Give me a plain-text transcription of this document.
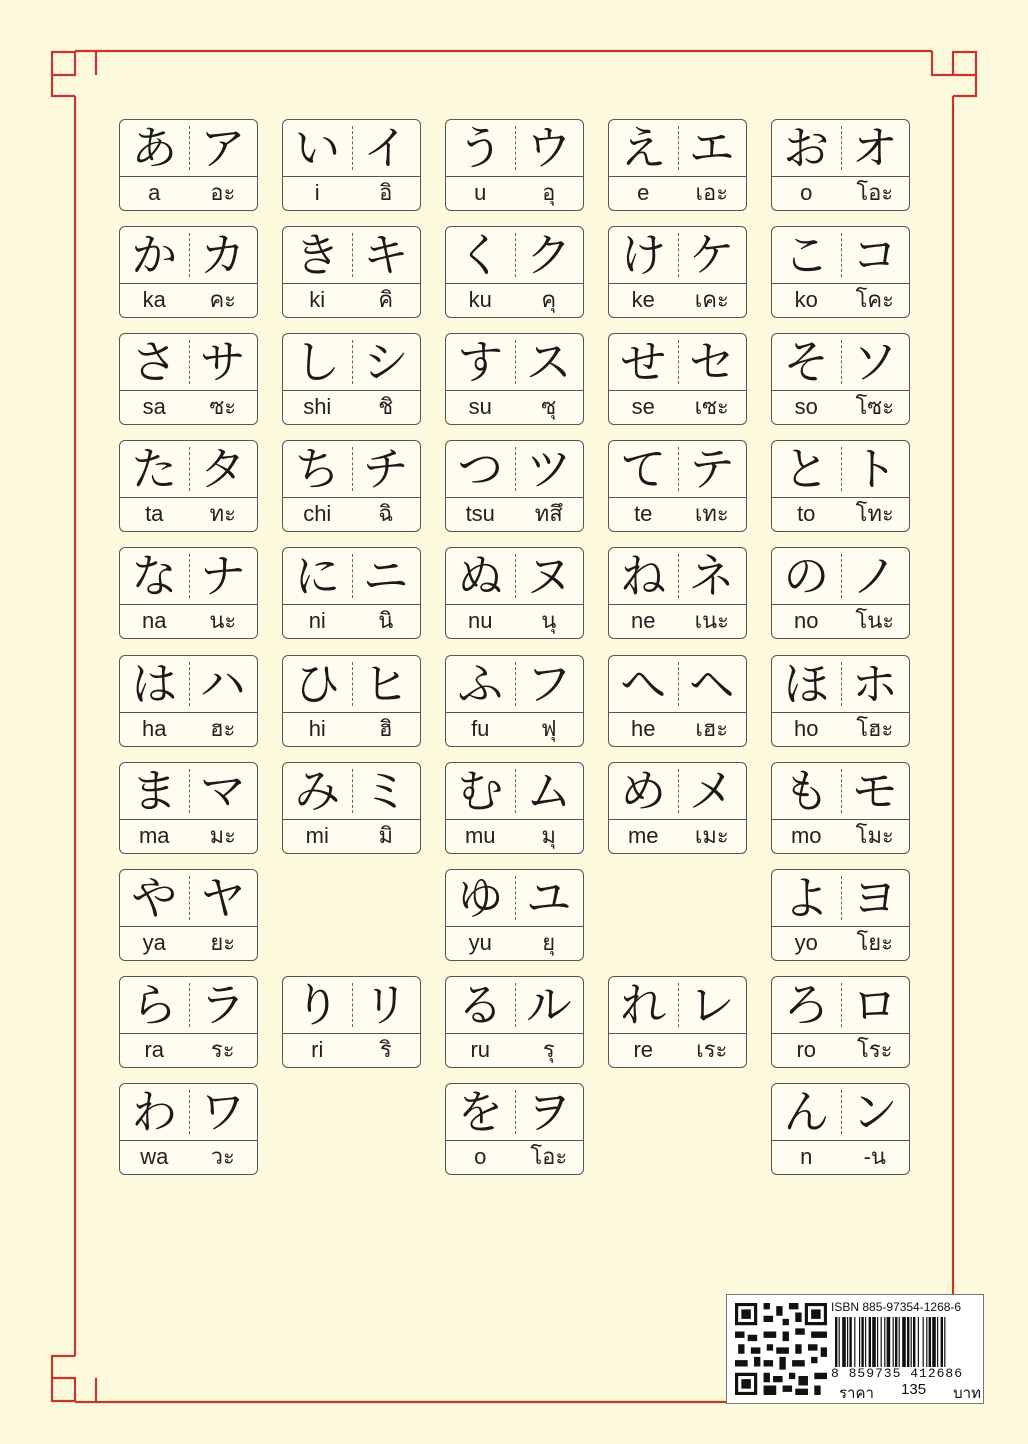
あ ア
a	อะ
い イ
i	อิ
う ウ
u	อุ
え エ
e	เอะ
お オ
o	โอะ
か カ
ka	คะ
き キ
ki	คิ
く ク
ku	คุ
け ケ
ke	เคะ
こ コ
ko	โคะ
さ サ
sa	ซะ
し シ
shi	ชิ
す ス
su	ซุ
せ セ
se	เซะ
そ ソ
so	โซะ
た タ
ta	ทะ
ち チ
chi	ฉิ
つ ツ
tsu	ทสึ
て テ
te	เทะ
と ト
to	โทะ
な ナ
na	นะ
に ニ
ni	นิ
ぬ ヌ
nu	นุ
ね ネ
ne	เนะ
の ノ
no	โนะ
は ハ
ha	ฮะ
ひ ヒ
hi	ฮิ
ふ フ
fu	ฟุ
へ ヘ
he	เฮะ
ほ ホ
ho	โฮะ
ま マ
ma	มะ
み ミ
mi	มิ
む ム
mu	มุ
め メ
me	เมะ
も モ
mo	โมะ
や ヤ
ya	ยะ
ゆ ユ
yu	ยุ
よ ヨ
yo	โยะ
ら ラ
ra	ระ
り リ
ri	ริ
る ル
ru	รุ
れ レ
re	เระ
ろ ロ
ro	โระ
わ ワ
wa	วะ
を ヲ
o	โอะ
ん ン
n	-น
ISBN 885-97354-1268-6
8 859735 412686
ราคา 135 บาท
